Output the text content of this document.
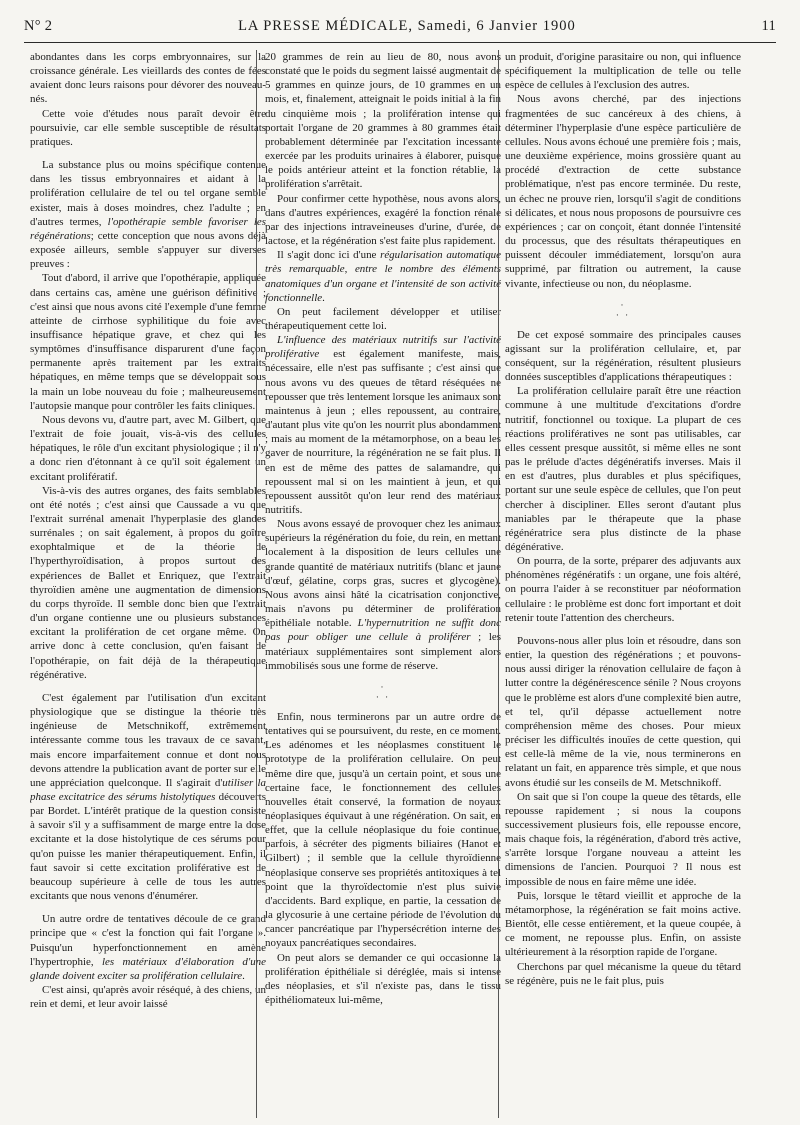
N° 2	LA PRESSE MÉDICALE, Samedi, 6 Janvier 1900	11

abondantes dans les corps embryonnaires, sur la croissance générale. Les vieillards des contes de fées avaient donc leurs raisons pour dévorer des nouveau-nés.

Cette voie d'études nous paraît devoir être poursuivie, car elle semble susceptible de résultats pratiques.

La substance plus ou moins spécifique contenue dans les tissus embryonnaires et aidant à la prolifération cellulaire de tel ou tel organe semble exister, mais à doses moindres, chez l'adulte ; en d'autres termes, l'opothérapie semble favoriser les régénérations; cette conception que nous avons déjà exposée ailleurs, semble s'appuyer sur diverses preuves :

Tout d'abord, il arrive que l'opothérapie, appliquée dans certains cas, amène une guérison définitive ; c'est ainsi que nous avons cité l'exemple d'une femme atteinte de cirrhose syphilitique du foie avec insuffisance hépatique grave, et chez qui les symptômes d'insuffisance disparurent d'une façon permanente après traitement par les extraits hépatiques, en même temps que se développait sous la main un lobe nouveau du foie ; malheureusement l'autopsie manque pour contrôler les faits cliniques.

Nous devons vu, d'autre part, avec M. Gilbert, que l'extrait de foie jouait, vis-à-vis des cellules hépatiques, le rôle d'un excitant physiologique ; il n'y a donc rien d'étonnant à ce qu'il soit également un excitant prolifératif.

Vis-à-vis des autres organes, des faits semblables ont été notés ; c'est ainsi que Caussade a vu que l'extrait surrénal amenait l'hyperplasie des glandes surrénales ; on sait également, à propos du goître exophtalmique et de la théorie de l'hyperthyroïdisation, à propos surtout des expériences de Ballet et Enriquez, que l'extrait thyroïdien amène une augmentation de dimensions du corps thyroïde. Il semble donc bien que l'extrait d'un organe contienne une ou plusieurs substances excitant la prolifération de cet organe même. On arrive donc à cette conclusion, qu'en faisant de l'opothérapie, on fait déjà de la thérapeutique régénérative.

C'est également par l'utilisation d'un excitant physiologique que se distingue la théorie très ingénieuse de Metschnikoff, extrêmement intéressante comme tous les travaux de ce savant, mais encore imparfaitement connue et dont nous devons attendre la publication avant de porter sur elle une appréciation quelconque. Il s'agirait d'utiliser la phase excitatrice des sérums histolytiques découverts par Bordet. L'intérêt pratique de la question consiste à savoir s'il y a suffisamment de marge entre la dose excitante et la dose histolytique de ces sérums pour qu'on puisse les manier thérapeutiquement. Enfin, il faut savoir si cette excitation proliférative est de beaucoup supérieure à celle de tous les autres excitants que nous venons d'énumérer.

Un autre ordre de tentatives découle de ce grand principe que « c'est la fonction qui fait l'organe ». Puisqu'un hyperfonctionnement en amène l'hypertrophie, les matériaux d'élaboration d'une glande doivent exciter sa prolifération cellulaire.

C'est ainsi, qu'après avoir réséqué, à des chiens, un rein et demi, et leur avoir laissé

20 grammes de rein au lieu de 80, nous avons constaté que le poids du segment laissé augmentait de 5 grammes en quinze jours, de 10 grammes en un mois, et, finalement, atteignait le poids initial à la fin du cinquième mois ; la prolifération intense qui portait l'organe de 20 grammes à 80 grammes était probablement déterminée par l'excitation incessante exercée par les produits urinaires à élaborer, puisque le poids antérieur atteint et la fonction rétablie, la prolifération s'arrêtait.

Pour confirmer cette hypothèse, nous avons alors, dans d'autres expériences, exagéré la fonction rénale par des injections intraveineuses d'urine, d'urée, de lactose, et la régénération s'est faite plus rapidement.

Il s'agit donc ici d'une régularisation automatique très remarquable, entre le nombre des éléments anatomiques d'un organe et l'intensité de son activité fonctionnelle.

On peut facilement développer et utiliser thérapeutiquement cette loi.

L'influence des matériaux nutritifs sur l'activité proliférative est également manifeste, mais, nécessaire, elle n'est pas suffisante ; c'est ainsi que nous avons vu des queues de têtard réséquées ne repousser que très lentement lorsque les animaux sont maintenus à jeun ; elles repoussent, au contraire, d'autant plus vite qu'on les nourrit plus abondamment ; mais au moment de la métamorphose, on a beau les gaver de nourriture, la régénération ne se fait plus. Il en est de même des pattes de salamandre, qui repoussent mal si on les maintient à jeun, et qui repoussent aussitôt qu'on leur rend des matériaux nutritifs.

Nous avons essayé de provoquer chez les animaux supérieurs la régénération du foie, du rein, en mettant localement à la disposition de leurs cellules une grande quantité de matériaux nutritifs (blanc et jaune d'œuf, gélatine, corps gras, sucres et glycogène). Nous avons ainsi hâté la cicatrisation conjonctive, mais n'avons pu déterminer de prolifération épithéliale notable. L'hypernutrition ne suffit donc pas pour obliger une cellule à proliférer ; les matériaux supplémentaires sont simplement alors immobilisés sous une forme de réserve.

·
· ·

Enfin, nous terminerons par un autre ordre de tentatives qui se poursuivent, du reste, en ce moment. Les adénomes et les néoplasmes constituent le prototype de la prolifération cellulaire. On peut même dire que, jusqu'à un certain point, et sous une certaine face, le fonctionnement des cellules nouvelles était conservé, la formation de noyaux néoplasiques équivaut à une régénération. On sait, en effet, que la cellule néoplasique du foie continue, parfois, à sécréter des pigments biliaires (Hanot et Gilbert) ; il semble que la cellule thyroïdienne néoplasique conserve ses propriétés antitoxiques à tel point que la thyroïdectomie n'est plus suivie d'accidents. Bard explique, en partie, la cessation de la glycosurie à une certaine période de l'évolution du cancer pancréatique par l'hypersécrétion interne des noyaux pancréatiques secondaires.

On peut alors se demander ce qui occasionne la prolifération épithéliale si déréglée, mais si intense des néoplasies, et s'il n'existe pas, dans le tissu épithéliomateux lui-même,

un produit, d'origine parasitaire ou non, qui influence spécifiquement la multiplication de telle ou telle espèce de cellules à l'exclusion des autres.

Nous avons cherché, par des injections fragmentées de suc cancéreux à des chiens, à déterminer l'hyperplasie d'une espèce particulière de cellules. Nous avons échoué une première fois ; mais, une deuxième expérience, moins grossière quant au procédé d'extraction de cette substance problématique, n'est pas encore terminée. Du reste, un échec ne prouve rien, lorsqu'il s'agit de conditions si délicates, et nous nous proposons de poursuivre ces expériences ; car on conçoit, étant donnée l'intensité du processus, que des résultats thérapeutiques en puissent découler immédiatement, lorsqu'on aura supprimé, par filtration ou autrement, la cause vivante, infectieuse ou non, du néoplasme.

·
· ·

De cet exposé sommaire des principales causes agissant sur la prolifération cellulaire, et, par conséquent, sur la régénération, résultent plusieurs données susceptibles d'applications thérapeutiques :

La prolifération cellulaire paraît être une réaction commune à une multitude d'excitations d'ordre nutritif, fonctionnel ou toxique. La plupart de ces réactions prolifératives ne sont pas utilisables, car elles cessent presque aussitôt, si même elles ne sont pas le prélude d'actes dégénératifs inverses. Mais il en est d'autres, plus durables et plus spécifiques, portant sur une seule espèce de cellules, que l'on peut chercher à discipliner. Elles seront d'autant plus maniables par le thérapeute que la phase régénératrice sera plus distincte de la phase dégénérative.

On pourra, de la sorte, préparer des adjuvants aux phénomènes régénératifs : un organe, une fois altéré, on pourra l'aider à se reconstituer par néoformation cellulaire : le problème est donc fort important et doit retenir toute l'attention des chercheurs.

Pouvons-nous aller plus loin et résoudre, dans son entier, la question des régénérations ; et pouvons-nous aussi diriger la rénovation cellulaire de façon à lutter contre la dégénérescence sénile ? Nous croyons que le problème est alors d'une complexité bien autre, et tel, qu'il dépasse actuellement notre compréhension même des choses. Pour mieux préciser les difficultés inouïes de cette question, qui est celle-là même de la vie, nous terminerons en relatant un fait, en apparence très simple, et que nous avons étudié sur les conseils de M. Metschnikoff.

On sait que si l'on coupe la queue des têtards, elle repousse rapidement ; si nous la coupons successivement plusieurs fois, elle repousse encore, mais chaque fois, la régénération, d'abord très active, s'arrête lorsque l'organe nouveau a atteint les dimensions de l'ancien. Pourquoi ? Il nous est impossible de nous en faire même une idée.

Puis, lorsque le têtard vieillit et approche de la métamorphose, la régénération se fait moins active. Bientôt, elle cesse entièrement, et la queue coupée, à ce moment, ne repousse plus. Enfin, on assiste ultérieurement à la résorption rapide de l'organe.

Cherchons par quel mécanisme la queue du têtard se régénère, puis ne le fait plus, puis
